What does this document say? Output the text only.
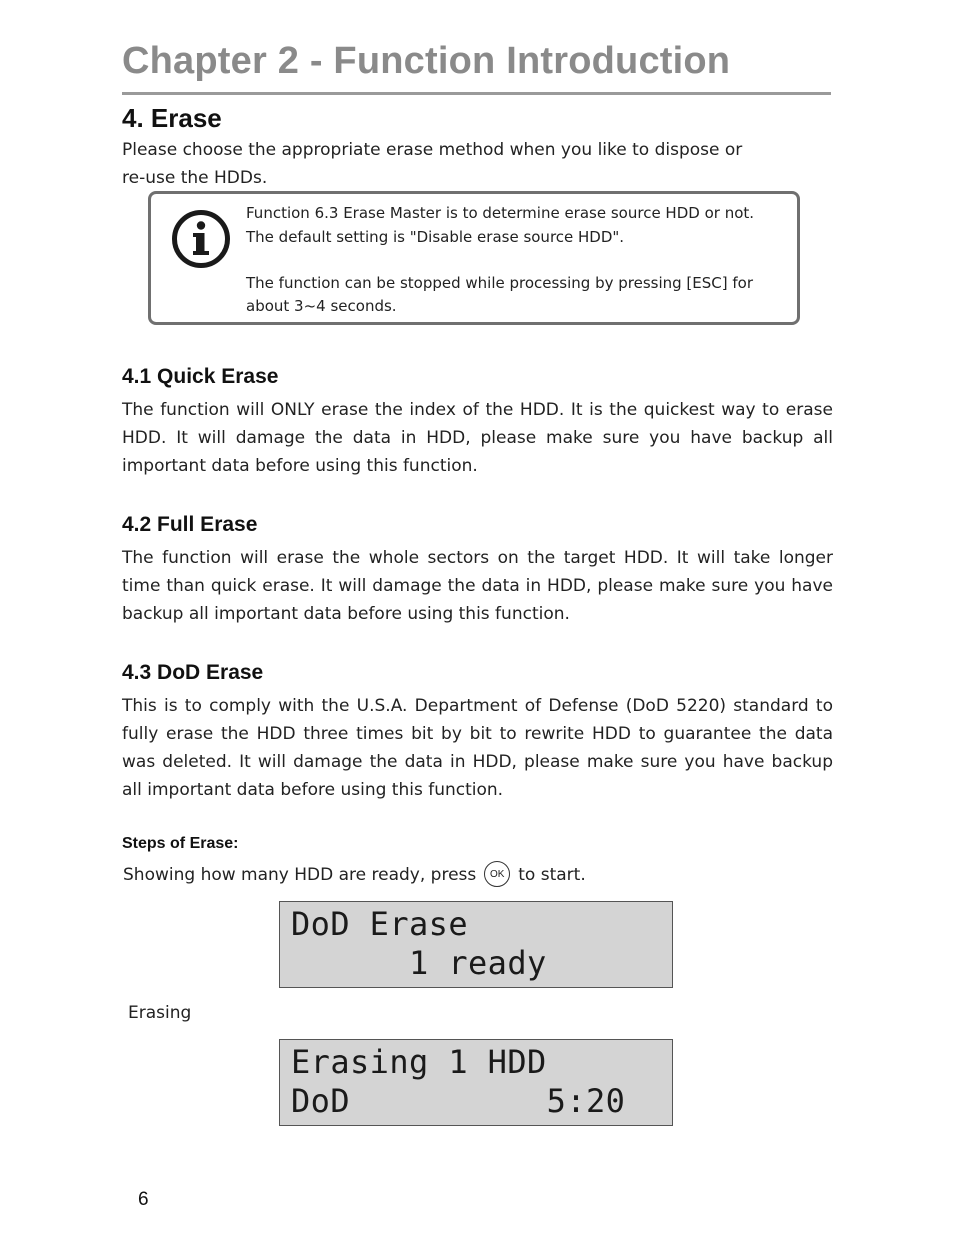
Chapter 2 - Function Introduction
4. Erase
Please choose the appropriate erase method when you like to dispose or
re-use the HDDs.
Function 6.3 Erase Master is to determine erase source HDD or not.
The default setting is "Disable erase source HDD".
The function can be stopped while processing by pressing [ESC] for
about 3~4 seconds.
4.1 Quick Erase
The function will ONLY erase the index of the HDD. It is the quickest way to erase HDD. It will damage the data in HDD, please make sure you have backup all important data before using this function.
4.2 Full Erase
The function will erase the whole sectors on the target HDD. It will take longer time than quick erase. It will damage the data in HDD, please make sure you have backup all important data before using this function.
4.3 DoD Erase
This is to comply with the U.S.A. Department of Defense (DoD 5220) standard to fully erase the HDD three times bit by bit to rewrite HDD to guarantee the data was deleted. It will damage the data in HDD, please make sure you have backup all important data before using this function.
Steps of Erase:
Showing how many HDD are ready, press OK to start.
DoD Erase
1 ready
Erasing
Erasing 1 HDD
DoD          5:20
6
